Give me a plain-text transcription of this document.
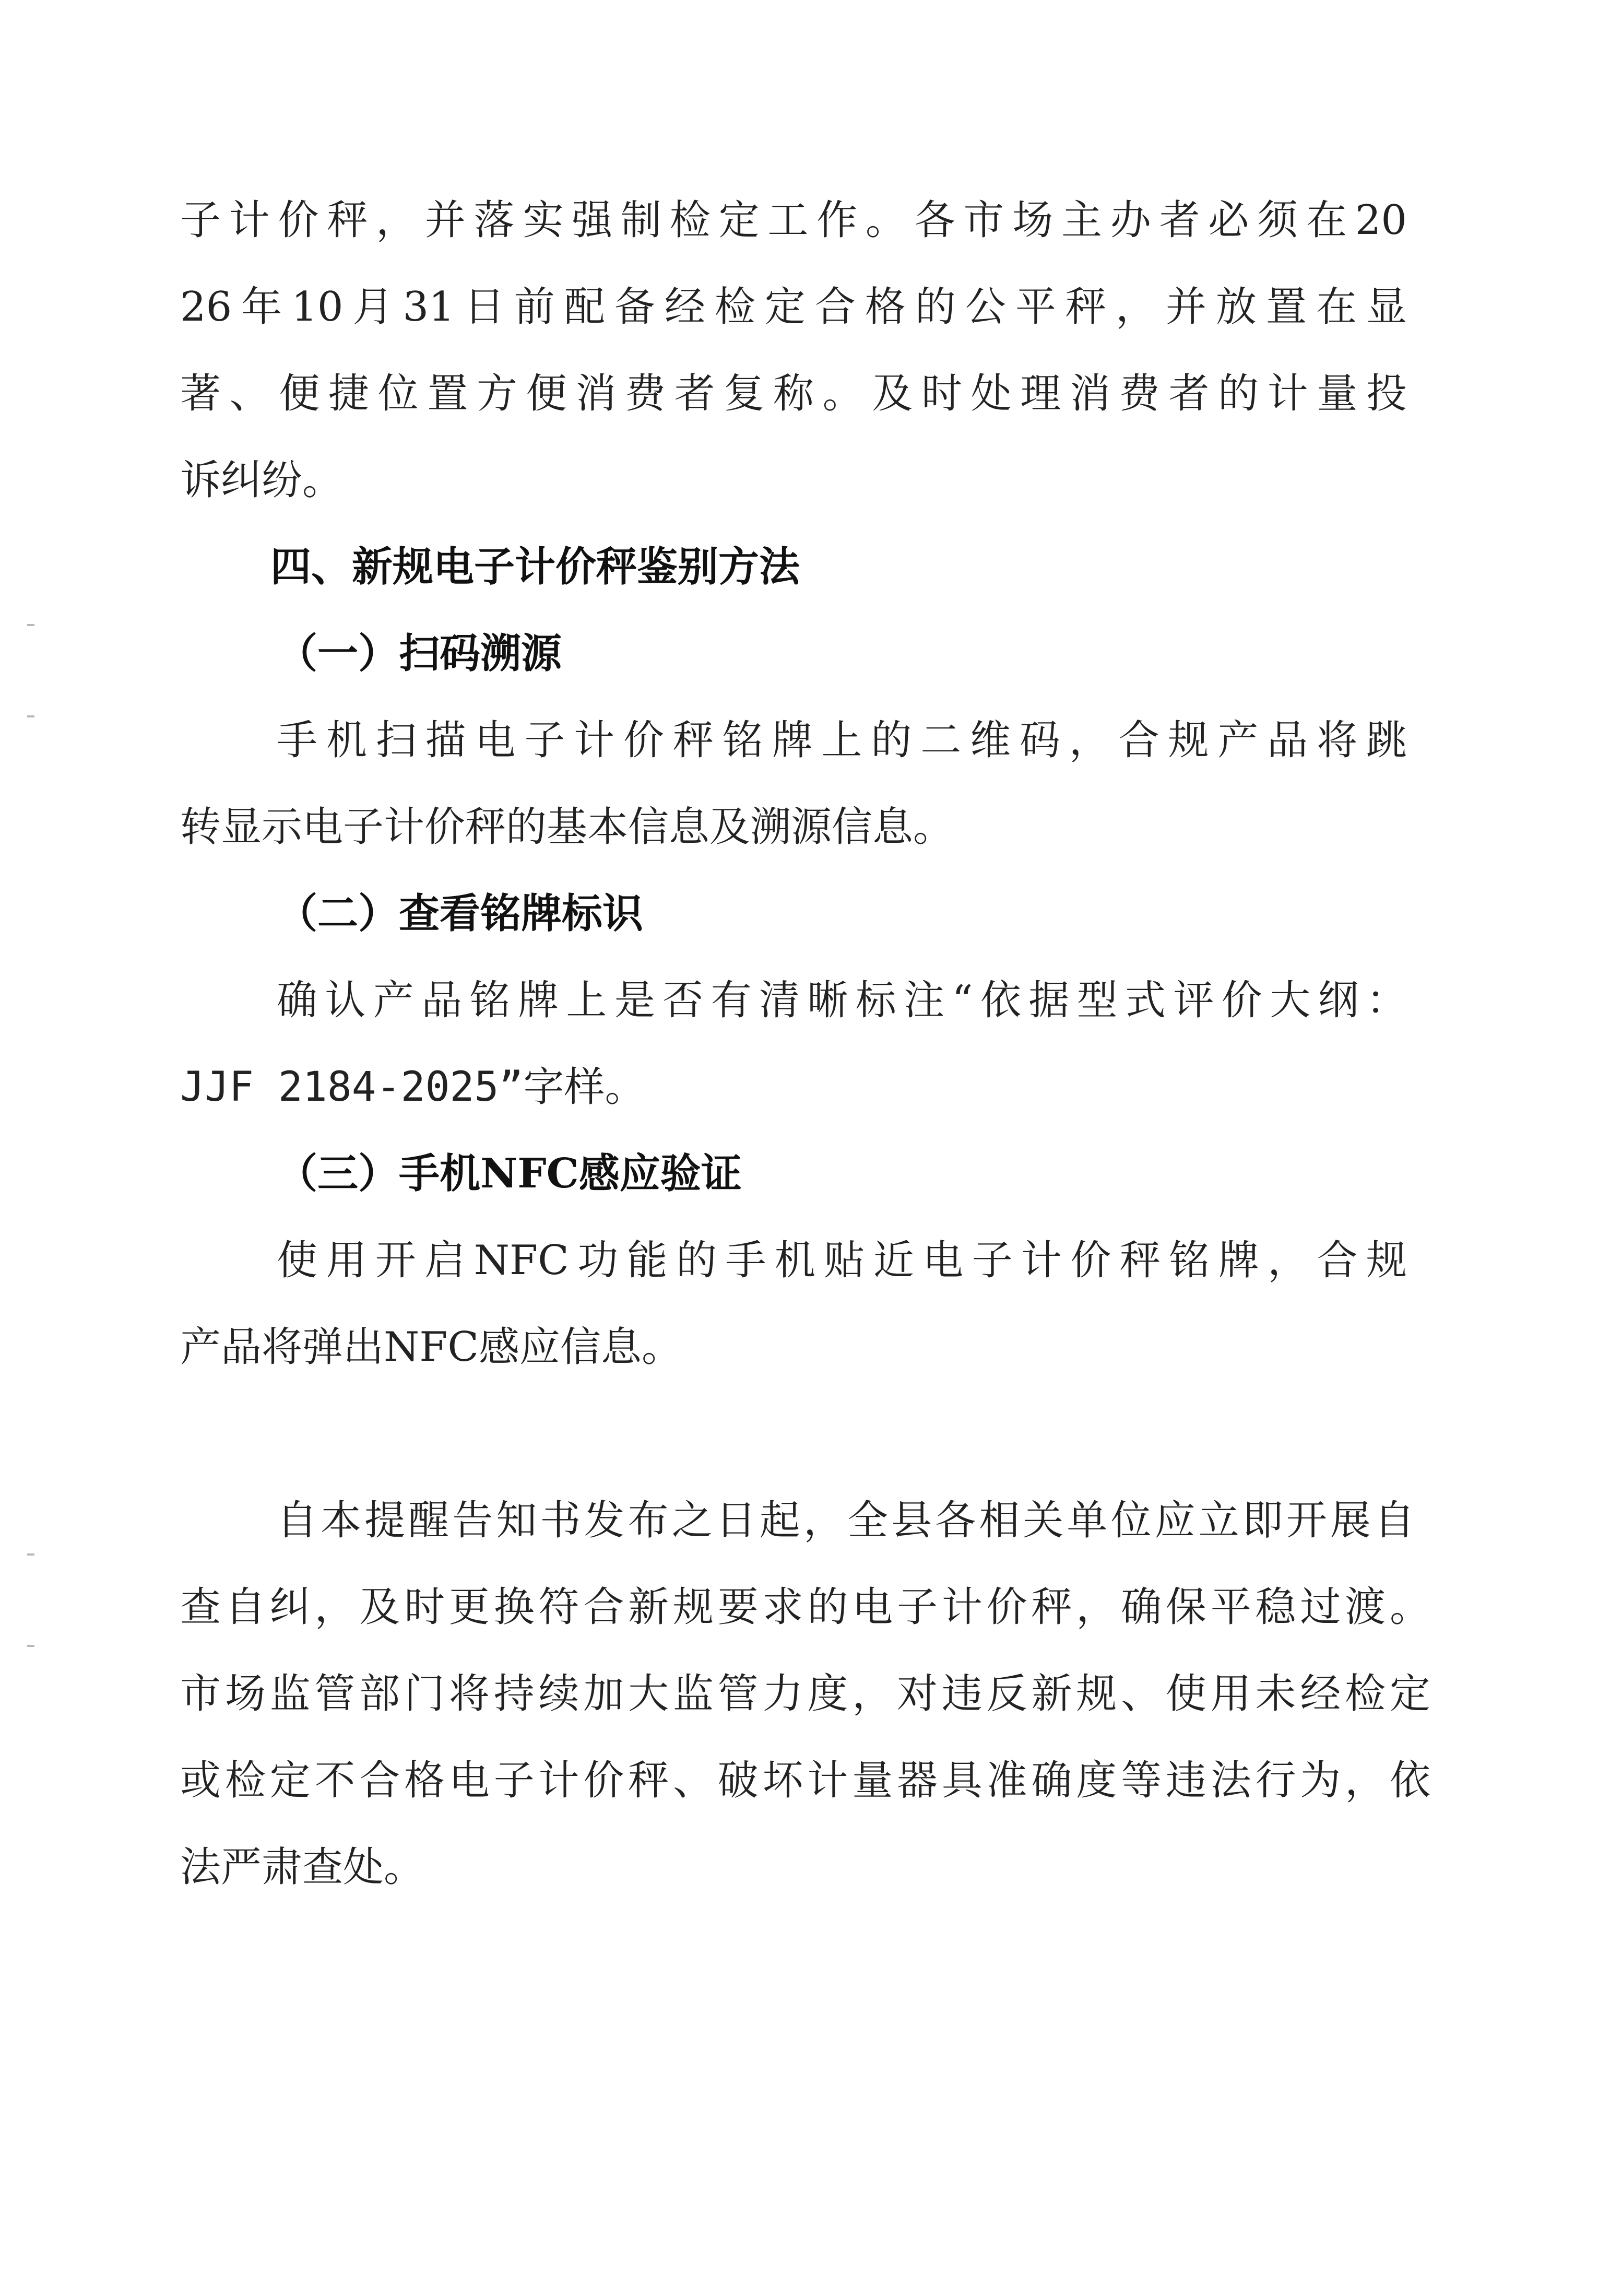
子计价秤，并落实强制检定工作。各市场主办者必须在20
26年10月31日前配备经检定合格的公平秤，并放置在显
著、便捷位置方便消费者复称。及时处理消费者的计量投
诉纠纷。
四、新规电子计价秤鉴别方法
（一）扫码溯源
手机扫描电子计价秤铭牌上的二维码，合规产品将跳
转显示电子计价秤的基本信息及溯源信息。
（二）查看铭牌标识
确认产品铭牌上是否有清晰标注“依据型式评价大纲：
JJF 2184-2025”字样。
（三）手机NFC感应验证
使用开启NFC功能的手机贴近电子计价秤铭牌，合规
产品将弹出NFC感应信息。
自本提醒告知书发布之日起，全县各相关单位应立即开展自
查自纠，及时更换符合新规要求的电子计价秤，确保平稳过渡。
市场监管部门将持续加大监管力度，对违反新规、使用未经检定
或检定不合格电子计价秤、破坏计量器具准确度等违法行为，依
法严肃查处。
